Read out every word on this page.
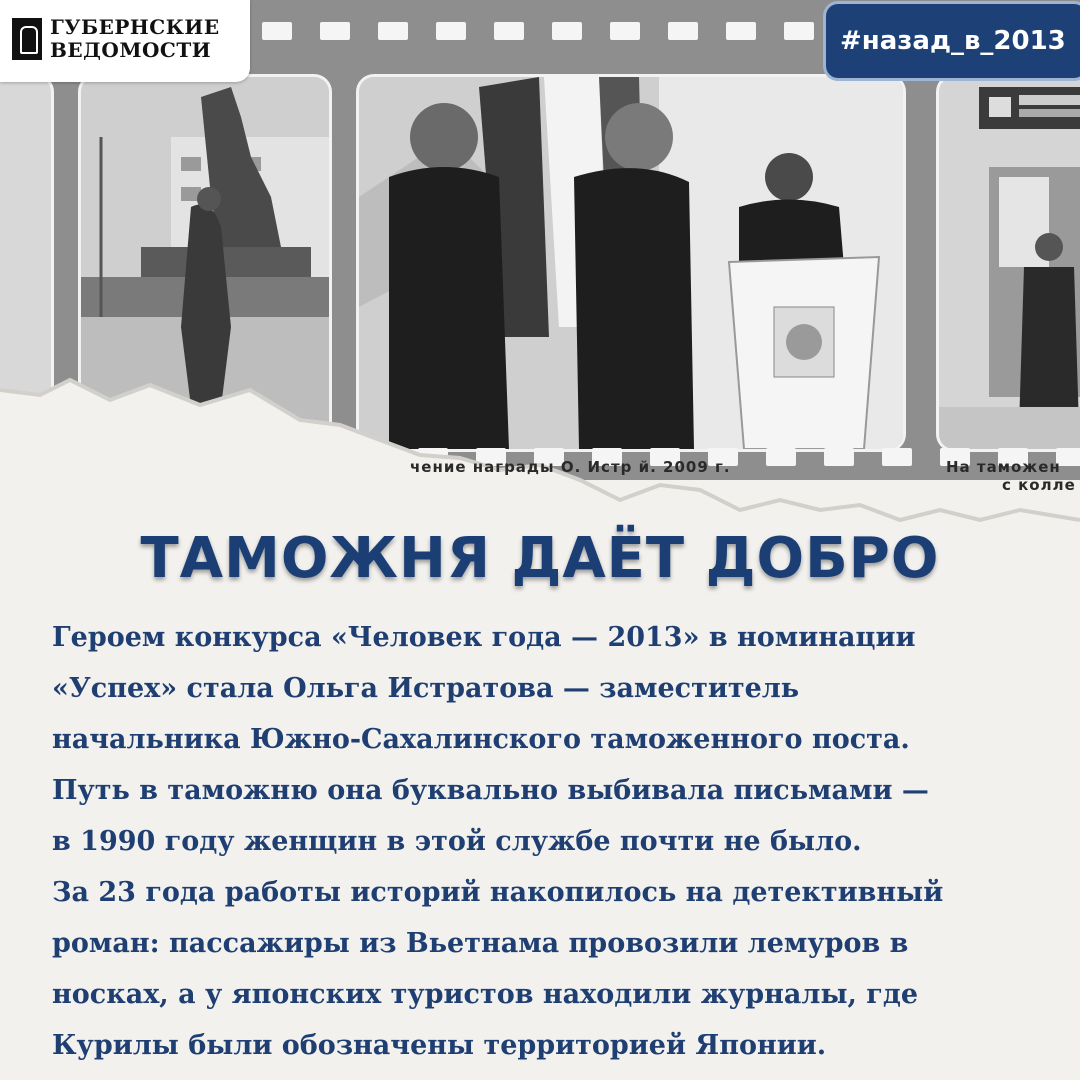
чение награды О. Истр й. 2009 г.	На таможен
с колле
ГУБЕРНСКИЕ
ВЕДОМОСТИ	#назад_в_2013
ТАМОЖНЯ ДАЁТ ДОБРО
Героем конкурса «Человек года — 2013» в номинации
«Успех» стала Ольга Истратова — заместитель
начальника Южно-Сахалинского таможенного поста.
Путь в таможню она буквально выбивала письмами —
в 1990 году женщин в этой службе почти не было.
За 23 года работы историй накопилось на детективный
роман: пассажиры из Вьетнама провозили лемуров в
носках, а у японских туристов находили журналы, где
Курилы были обозначены территорией Японии.
